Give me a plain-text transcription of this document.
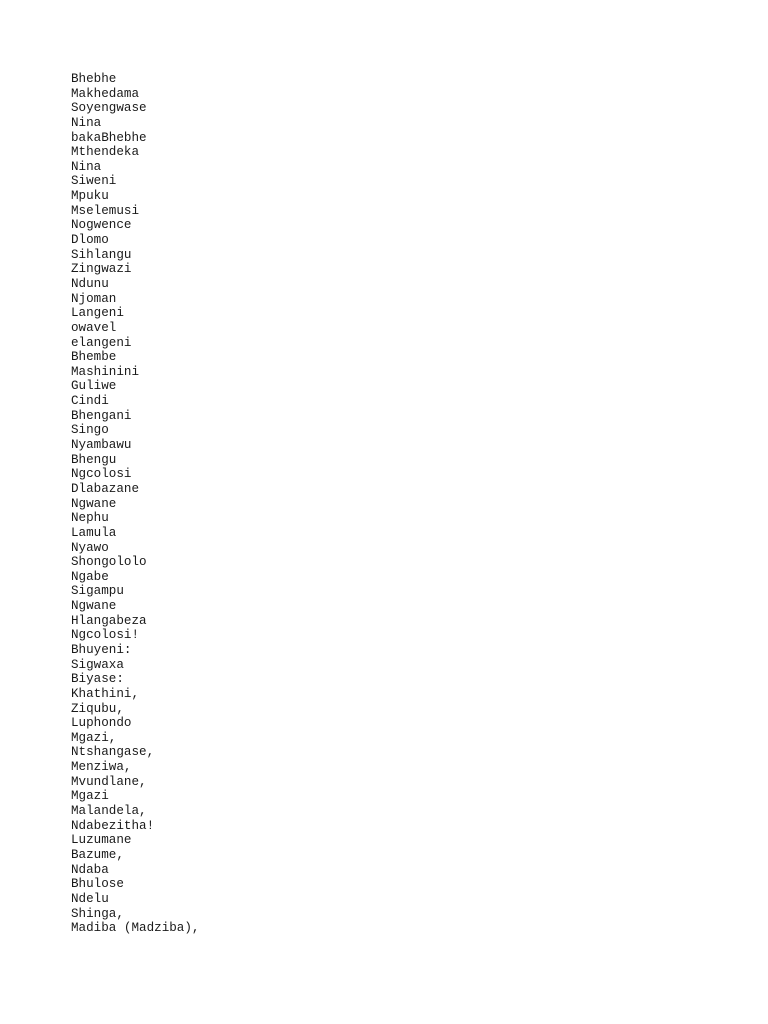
Bhebhe
Makhedama
Soyengwase
Nina
bakaBhebhe
Mthendeka
Nina
Siweni
Mpuku
Mselemusi
Nogwence
Dlomo
Sihlangu
Zingwazi
Ndunu
Njoman
Langeni
owavel
elangeni
Bhembe
Mashinini
Guliwe
Cindi
Bhengani
Singo
Nyambawu
Bhengu
Ngcolosi
Dlabazane
Ngwane
Nephu
Lamula
Nyawo
Shongololo
Ngabe
Sigampu
Ngwane
Hlangabeza
Ngcolosi!
Bhuyeni:
Sigwaxa
Biyase:
Khathini,
Ziqubu,
Luphondo
Mgazi,
Ntshangase,
Menziwa,
Mvundlane,
Mgazi
Malandela,
Ndabezitha!
Luzumane
Bazume,
Ndaba
Bhulose
Ndelu
Shinga,
Madiba (Madziba),
